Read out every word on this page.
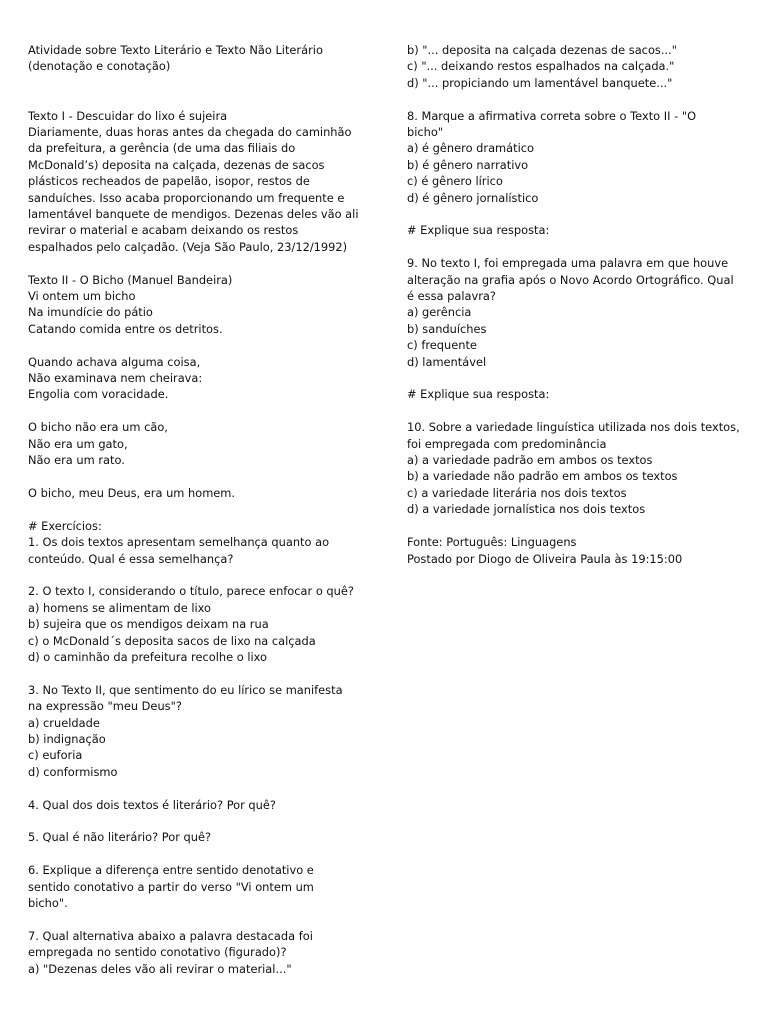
Atividade sobre Texto Literário e Texto Não Literário
(denotação e conotação)
Texto I - Descuidar do lixo é sujeira
Diariamente, duas horas antes da chegada do caminhão
da prefeitura, a gerência (de uma das filiais do
McDonald’s) deposita na calçada, dezenas de sacos
plásticos recheados de papelão, isopor, restos de
sanduíches. Isso acaba proporcionando um frequente e
lamentável banquete de mendigos. Dezenas deles vão ali
revirar o material e acabam deixando os restos
espalhados pelo calçadão. (Veja São Paulo, 23/12/1992)
Texto II - O Bicho (Manuel Bandeira)
Vi ontem um bicho
Na imundície do pátio
Catando comida entre os detritos.
Quando achava alguma coisa,
Não examinava nem cheirava:
Engolia com voracidade.
O bicho não era um cão,
Não era um gato,
Não era um rato.
O bicho, meu Deus, era um homem.
# Exercícios:
1. Os dois textos apresentam semelhança quanto ao
conteúdo. Qual é essa semelhança?
2. O texto I, considerando o título, parece enfocar o quê?
a) homens se alimentam de lixo
b) sujeira que os mendigos deixam na rua
c) o McDonald´s deposita sacos de lixo na calçada
d) o caminhão da prefeitura recolhe o lixo
3. No Texto II, que sentimento do eu lírico se manifesta
na expressão "meu Deus"?
a) crueldade
b) indignação
c) euforia
d) conformismo
4. Qual dos dois textos é literário? Por quê?
5. Qual é não literário? Por quê?
6. Explique a diferença entre sentido denotativo e
sentido conotativo a partir do verso "Vi ontem um
bicho".
7. Qual alternativa abaixo a palavra destacada foi
empregada no sentido conotativo (figurado)?
a) "Dezenas deles vão ali revirar o material..."
b) "... deposita na calçada dezenas de sacos..."
c) "... deixando restos espalhados na calçada."
d) "... propiciando um lamentável banquete..."
8. Marque a afirmativa correta sobre o Texto II - "O
bicho"
a) é gênero dramático
b) é gênero narrativo
c) é gênero lírico
d) é gênero jornalístico
# Explique sua resposta:
9. No texto I, foi empregada uma palavra em que houve
alteração na grafia após o Novo Acordo Ortográfico. Qual
é essa palavra?
a) gerência
b) sanduíches
c) frequente
d) lamentável
# Explique sua resposta:
10. Sobre a variedade linguística utilizada nos dois textos,
foi empregada com predominância
a) a variedade padrão em ambos os textos
b) a variedade não padrão em ambos os textos
c) a variedade literária nos dois textos
d) a variedade jornalística nos dois textos
Fonte: Português: Linguagens
Postado por Diogo de Oliveira Paula às 19:15:00
